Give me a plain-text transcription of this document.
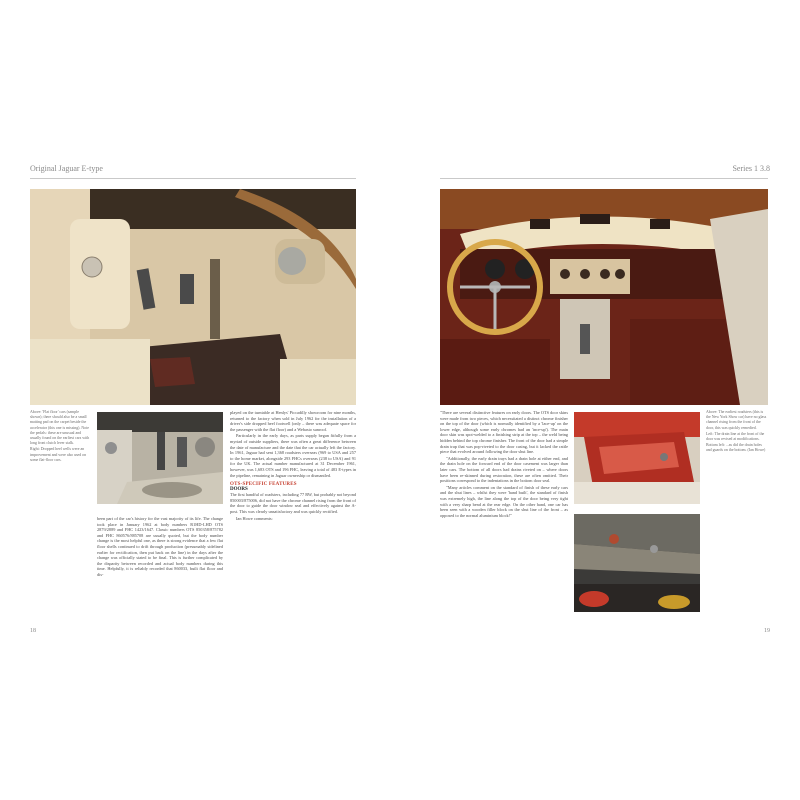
Original Jaguar E-type

Above: 'Flat floor' cars (sample shown); there should also be a small matting pad on the carpet beside the accelerator (this one is missing). Note the pedals: these are unusual and usually found on the earliest cars with long front clutch lever stalk.

Right: Dropped heel wells were an improvement and were also used on some flat-floor cars.

been part of the car's history for the vast majority of its life. The change took place in January 1962 at body numbers R1HD-LHD OTS 2879/2889 and FHC 1423/1647. Classic numbers OTS 850358/875782 and FHC 860576/885708 are usually quoted, but the body number change is the most helpful one, as there is strong evidence that a few flat floor shells continued to drift through production (presumably sidelined earlier for rectification, then put back on the line) in the days after the change was officially stated to be final. This is further complicated by the disparity between recorded and actual body numbers during this time. Helpfully, it is reliably recorded that 860033, built flat floor and dis-

played on the turntable at Henlys' Piccadilly showroom for nine months, returned to the factory when sold in July 1962 for the installation of a driver's side dropped heel footwell (only – there was adequate space for the passenger with the flat floor) and a Webasto sunroof.

Particularly in the early days, as parts supply began fitfully from a myriad of outside suppliers, there was often a great difference between the date of manufacture and the date that the car actually left the factory. In 1961, Jaguar had sent 1,368 roadsters overseas (969 to USA and 257 to the home market, alongside 293 FHCs overseas (238 to USA) and 91 for the UK. The actual number manufactured at 31 December 1961, however, was 1,683 OTS and 196 FHC, leaving a total of 483 E-types in the pipeline, remaining in Jaguar ownership or dismantled.

OTS-SPECIFIC FEATURES
DOORS

The first handful of roadsters, including 77 RW, but probably not beyond 850003/875006, did not have the chrome channel rising from the front of the door to guide the door window seal and effectively against the A-post. This was clearly unsatisfactory and was quickly rectified.

Ian Howe comments:

18
Series 1 3.8

"There are several distinctive features on early doors. The OTS door skins were made from two pieces, which necessitated a distinct chrome finisher on the top of the door (which is normally identified by a 'lace-up' on the lower edge, although some early chromes had an 'ince-up'). The main door skin was spot-welded to a finishing strip at the top – the weld being hidden behind the top chrome finisher. The front of the door had a simple drain trap that was pop-riveted to the door casing, but it lacked the rattle piece that evolved around following the door shut line.

"Additionally, the early drain trays had a drain hole at either end, and the drain hole on the forward end of the door casement was larger than later cars. The bottom of all doors had drains riveted on – where doors have been re-skinned during restoration, these are often omitted. Their positions correspond to the indentations in the bottom door seal.

"Many articles comment on the standard of finish of these early cars and the shut lines – whilst they were 'hand built', the standard of finish was extremely high, the line along the top of the door being very tight with a very sharp bend at the rear edge. On the other hand, one car has been seen with a wooden filler block on the shut line of the front – as opposed to the normal aluminium block!"

Above: The earliest roadsters (this is the New York Show car) have no glass channel rising from the front of the door, this was quickly remedied.

Left: The drain line at the front of the door was revised at modifications.

Bottom left: ...as did the drain holes and guards on the bottom. (Ian Howe)

19
